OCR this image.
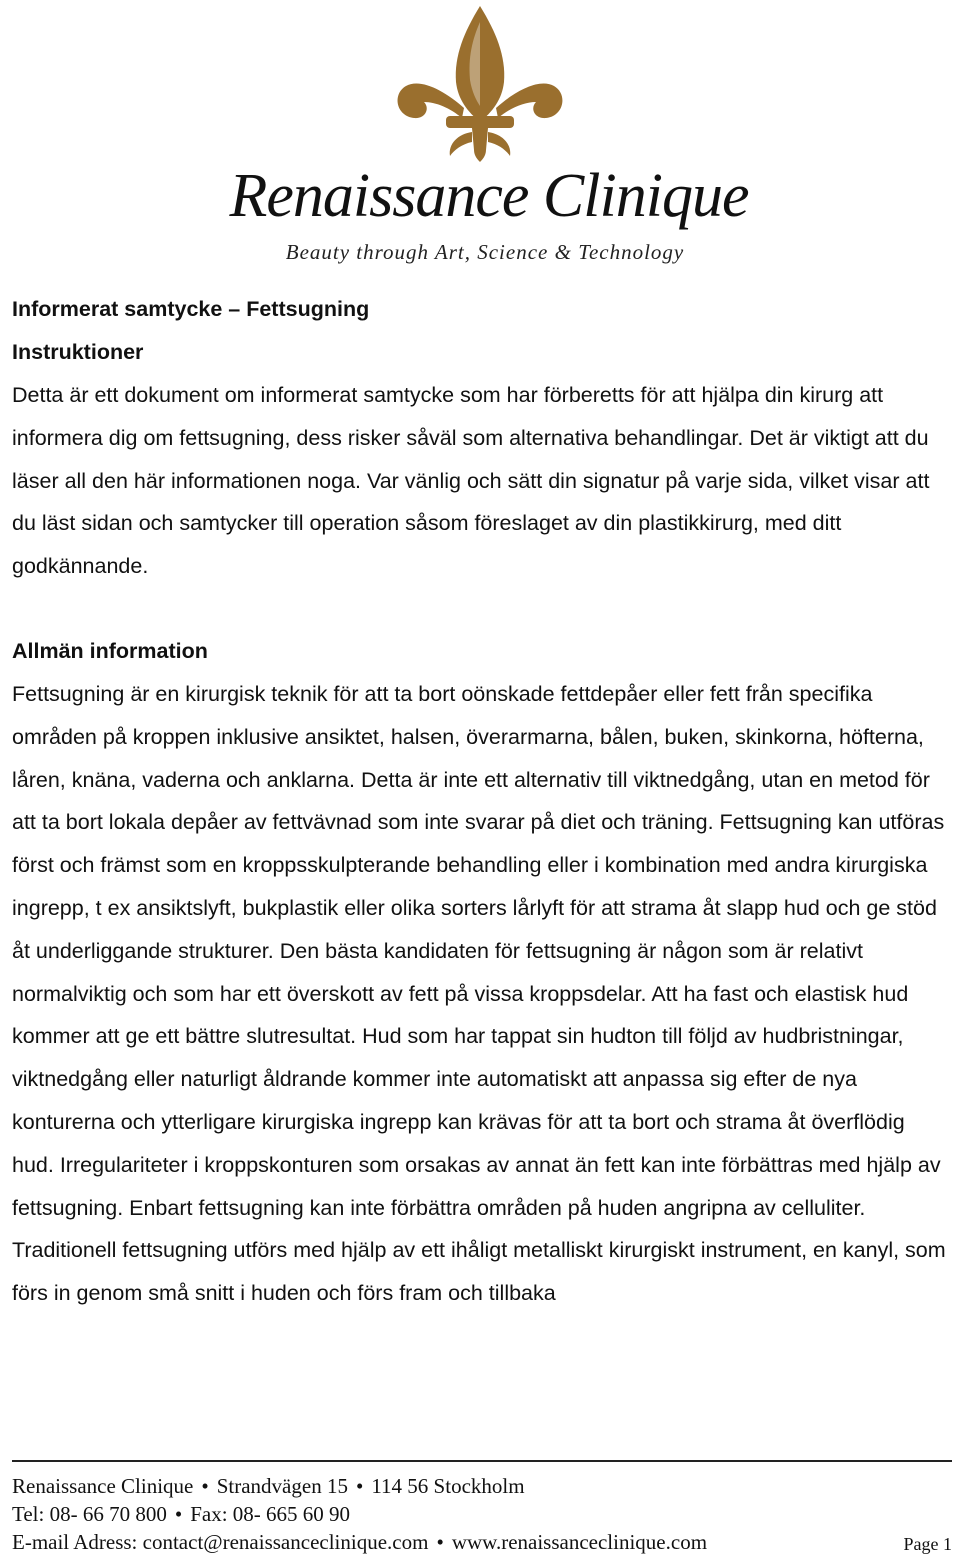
Renaissance Clinique
Beauty through Art, Science & Technology
Informerat samtycke – Fettsugning
Instruktioner

Detta är ett dokument om informerat samtycke som har förberetts för att hjälpa din kirurg att informera dig om fettsugning, dess risker såväl som alternativa behandlingar. Det är viktigt att du läser all den här informationen noga. Var vänlig och sätt din signatur på varje sida, vilket visar att du läst sidan och samtycker till operation såsom föreslaget av din plastikkirurg, med ditt godkännande.

Allmän information

Fettsugning är en kirurgisk teknik för att ta bort oönskade fettdepåer eller fett från specifika områden på kroppen inklusive ansiktet, halsen, överarmarna, bålen, buken, skinkorna, höfterna, låren, knäna, vaderna och anklarna. Detta är inte ett alternativ till viktnedgång, utan en metod för att ta bort lokala depåer av fettvävnad som inte svarar på diet och träning. Fettsugning kan utföras först och främst som en kroppsskulpterande behandling eller i kombination med andra kirurgiska ingrepp, t ex ansiktslyft, bukplastik eller olika sorters lårlyft för att strama åt slapp hud och ge stöd åt underliggande strukturer. Den bästa kandidaten för fettsugning är någon som är relativt normalviktig och som har ett överskott av fett på vissa kroppsdelar. Att ha fast och elastisk hud kommer att ge ett bättre slutresultat. Hud som har tappat sin hudton till följd av hudbristningar, viktnedgång eller naturligt åldrande kommer inte automatiskt att anpassa sig efter de nya konturerna och ytterligare kirurgiska ingrepp kan krävas för att ta bort och strama åt överflödig hud. Irregulariteter i kroppskonturen som orsakas av annat än fett kan inte förbättras med hjälp av fettsugning. Enbart fettsugning kan inte förbättra områden på huden angripna av celluliter. Traditionell fettsugning utförs med hjälp av ett ihåligt metalliskt kirurgiskt instrument, en kanyl, som förs in genom små snitt i huden och förs fram och tillbaka

Renaissance Clinique • Strandvägen 15 • 114 56 Stockholm
Tel: 08- 66 70 800 • Fax: 08- 665 60 90
E-mail Adress: contact@renaissanceclinique.com • www.renaissanceclinique.com	Page 1
